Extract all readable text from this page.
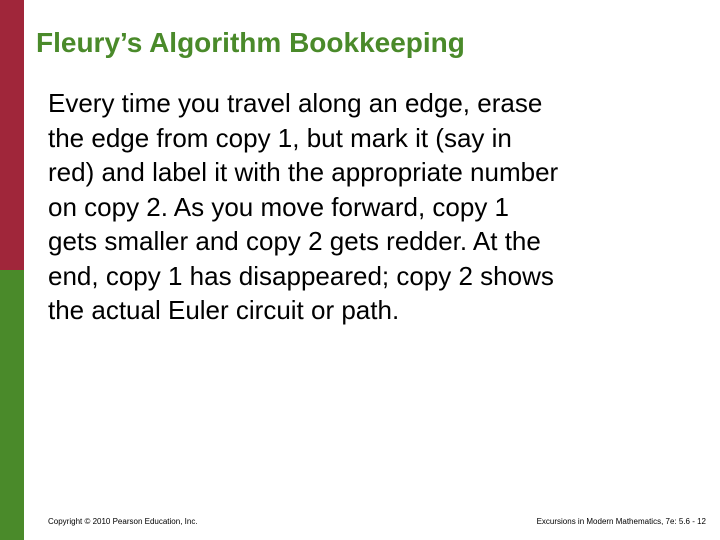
Fleury’s Algorithm Bookkeeping

Every time you travel along an edge, erase
the edge from copy 1, but mark it (say in
red) and label it with the appropriate number
on copy 2. As you move forward, copy 1
gets smaller and copy 2 gets redder. At the
end, copy 1 has disappeared; copy 2 shows
the actual Euler circuit or path.

Copyright © 2010 Pearson Education, Inc.	Excursions in Modern Mathematics, 7e: 5.6 - 12
